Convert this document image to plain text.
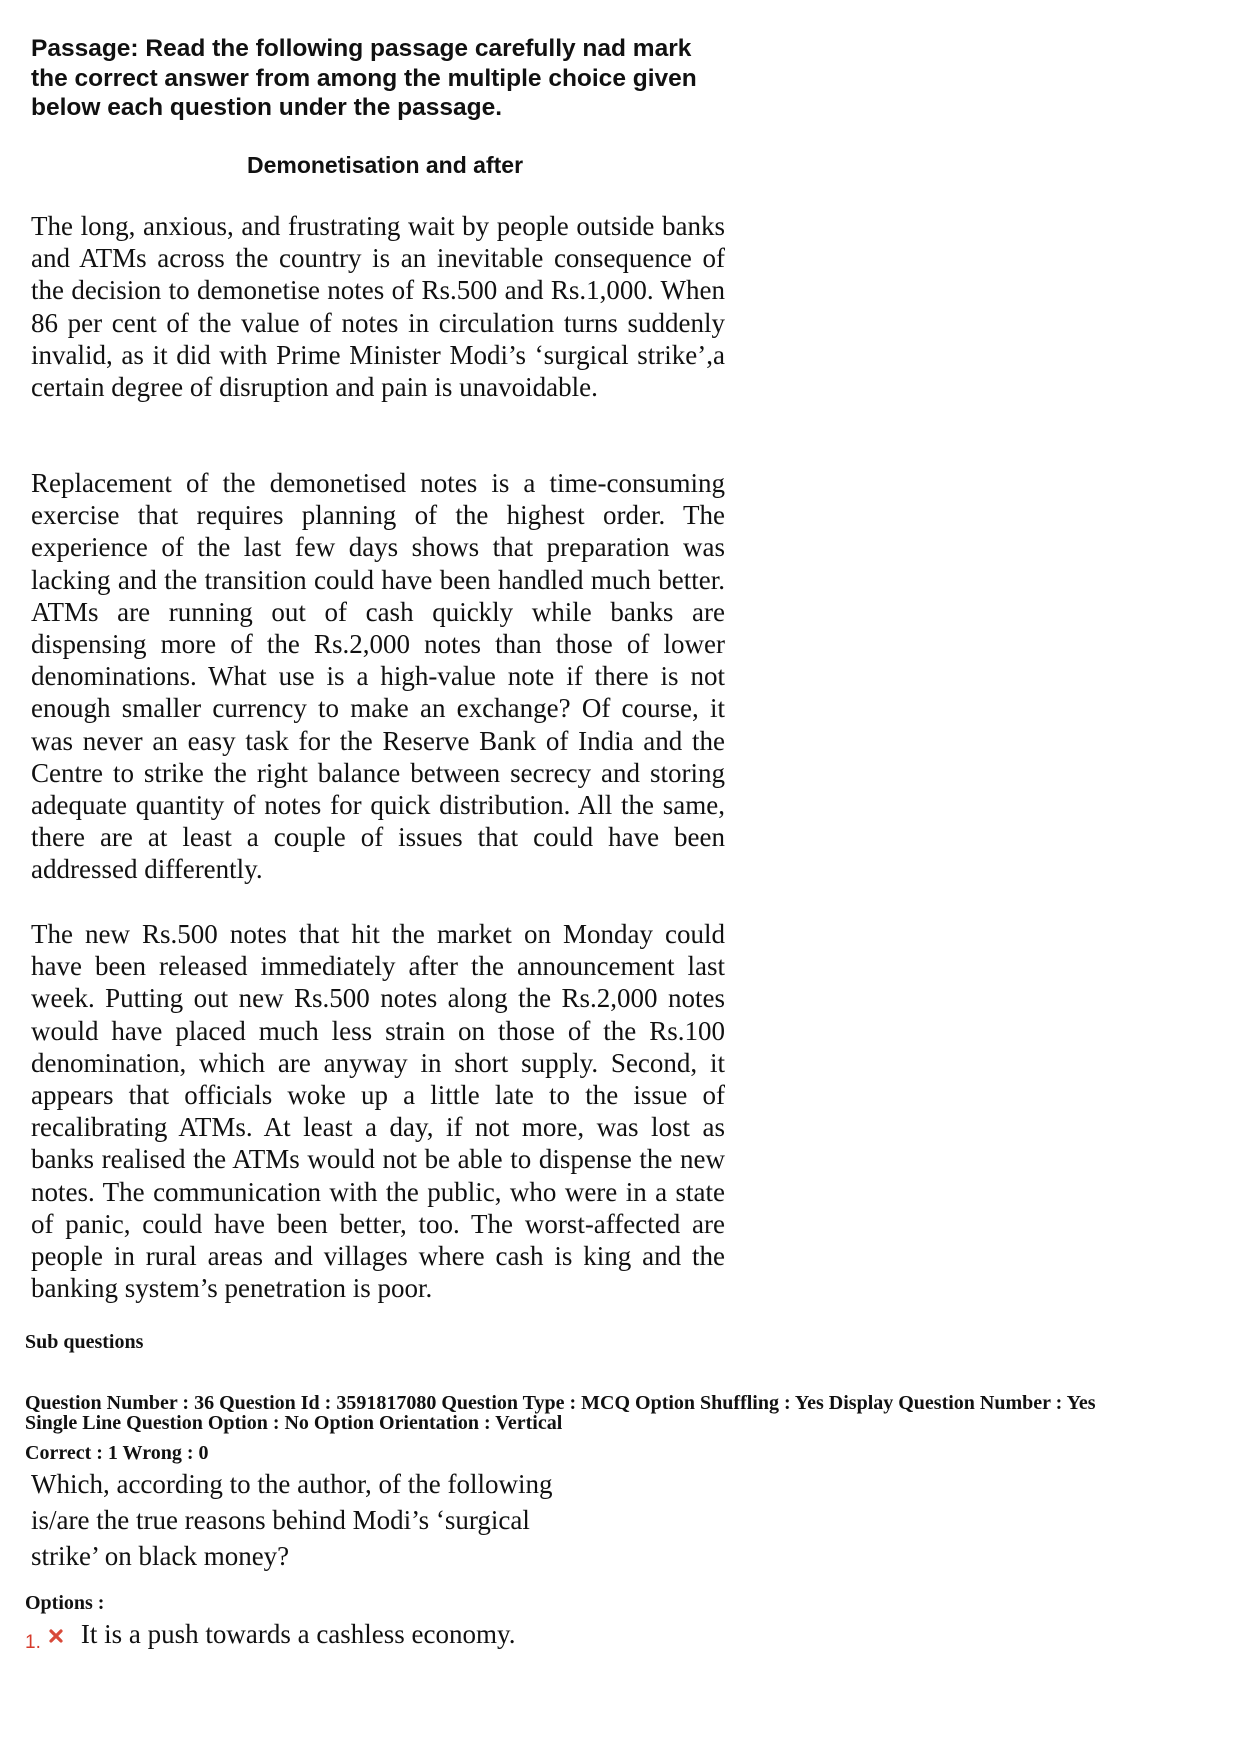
Passage: Read the following passage carefully nad mark the correct answer from among the multiple choice given below each question under the passage.

Demonetisation and after

The long, anxious, and frustrating wait by people outside banks and ATMs across the country is an inevitable consequence of the decision to demonetise notes of Rs.500 and Rs.1,000. When 86 per cent of the value of notes in circulation turns suddenly invalid, as it did with Prime Minister Modi’s ‘surgical strike’,a certain degree of disruption and pain is unavoidable.

Replacement of the demonetised notes is a time-consuming exercise that requires planning of the highest order. The experience of the last few days shows that preparation was lacking and the transition could have been handled much better. ATMs are running out of cash quickly while banks are dispensing more of the Rs.2,000 notes than those of lower denominations. What use is a high-value note if there is not enough smaller currency to make an exchange? Of course, it was never an easy task for the Reserve Bank of India and the Centre to strike the right balance between secrecy and storing adequate quantity of notes for quick distribution. All the same, there are at least a couple of issues that could have been addressed differently.

The new Rs.500 notes that hit the market on Monday could have been released immediately after the announcement last week. Putting out new Rs.500 notes along the Rs.2,000 notes would have placed much less strain on those of the Rs.100 denomination, which are anyway in short supply. Second, it appears that officials woke up a little late to the issue of recalibrating ATMs. At least a day, if not more, was lost as banks realised the ATMs would not be able to dispense the new notes. The communication with the public, who were in a state of panic, could have been better, too. The worst-affected are people in rural areas and villages where cash is king and the banking system’s penetration is poor.

Sub questions

Question Number : 36 Question Id : 3591817080 Question Type : MCQ Option Shuffling : Yes Display Question Number : Yes

Single Line Question Option : No Option Orientation : Vertical

Correct : 1 Wrong : 0

Which, according to the author, of the following is/are the true reasons behind Modi’s ‘surgical strike’ on black money?

Options :

1. It is a push towards a cashless economy.
